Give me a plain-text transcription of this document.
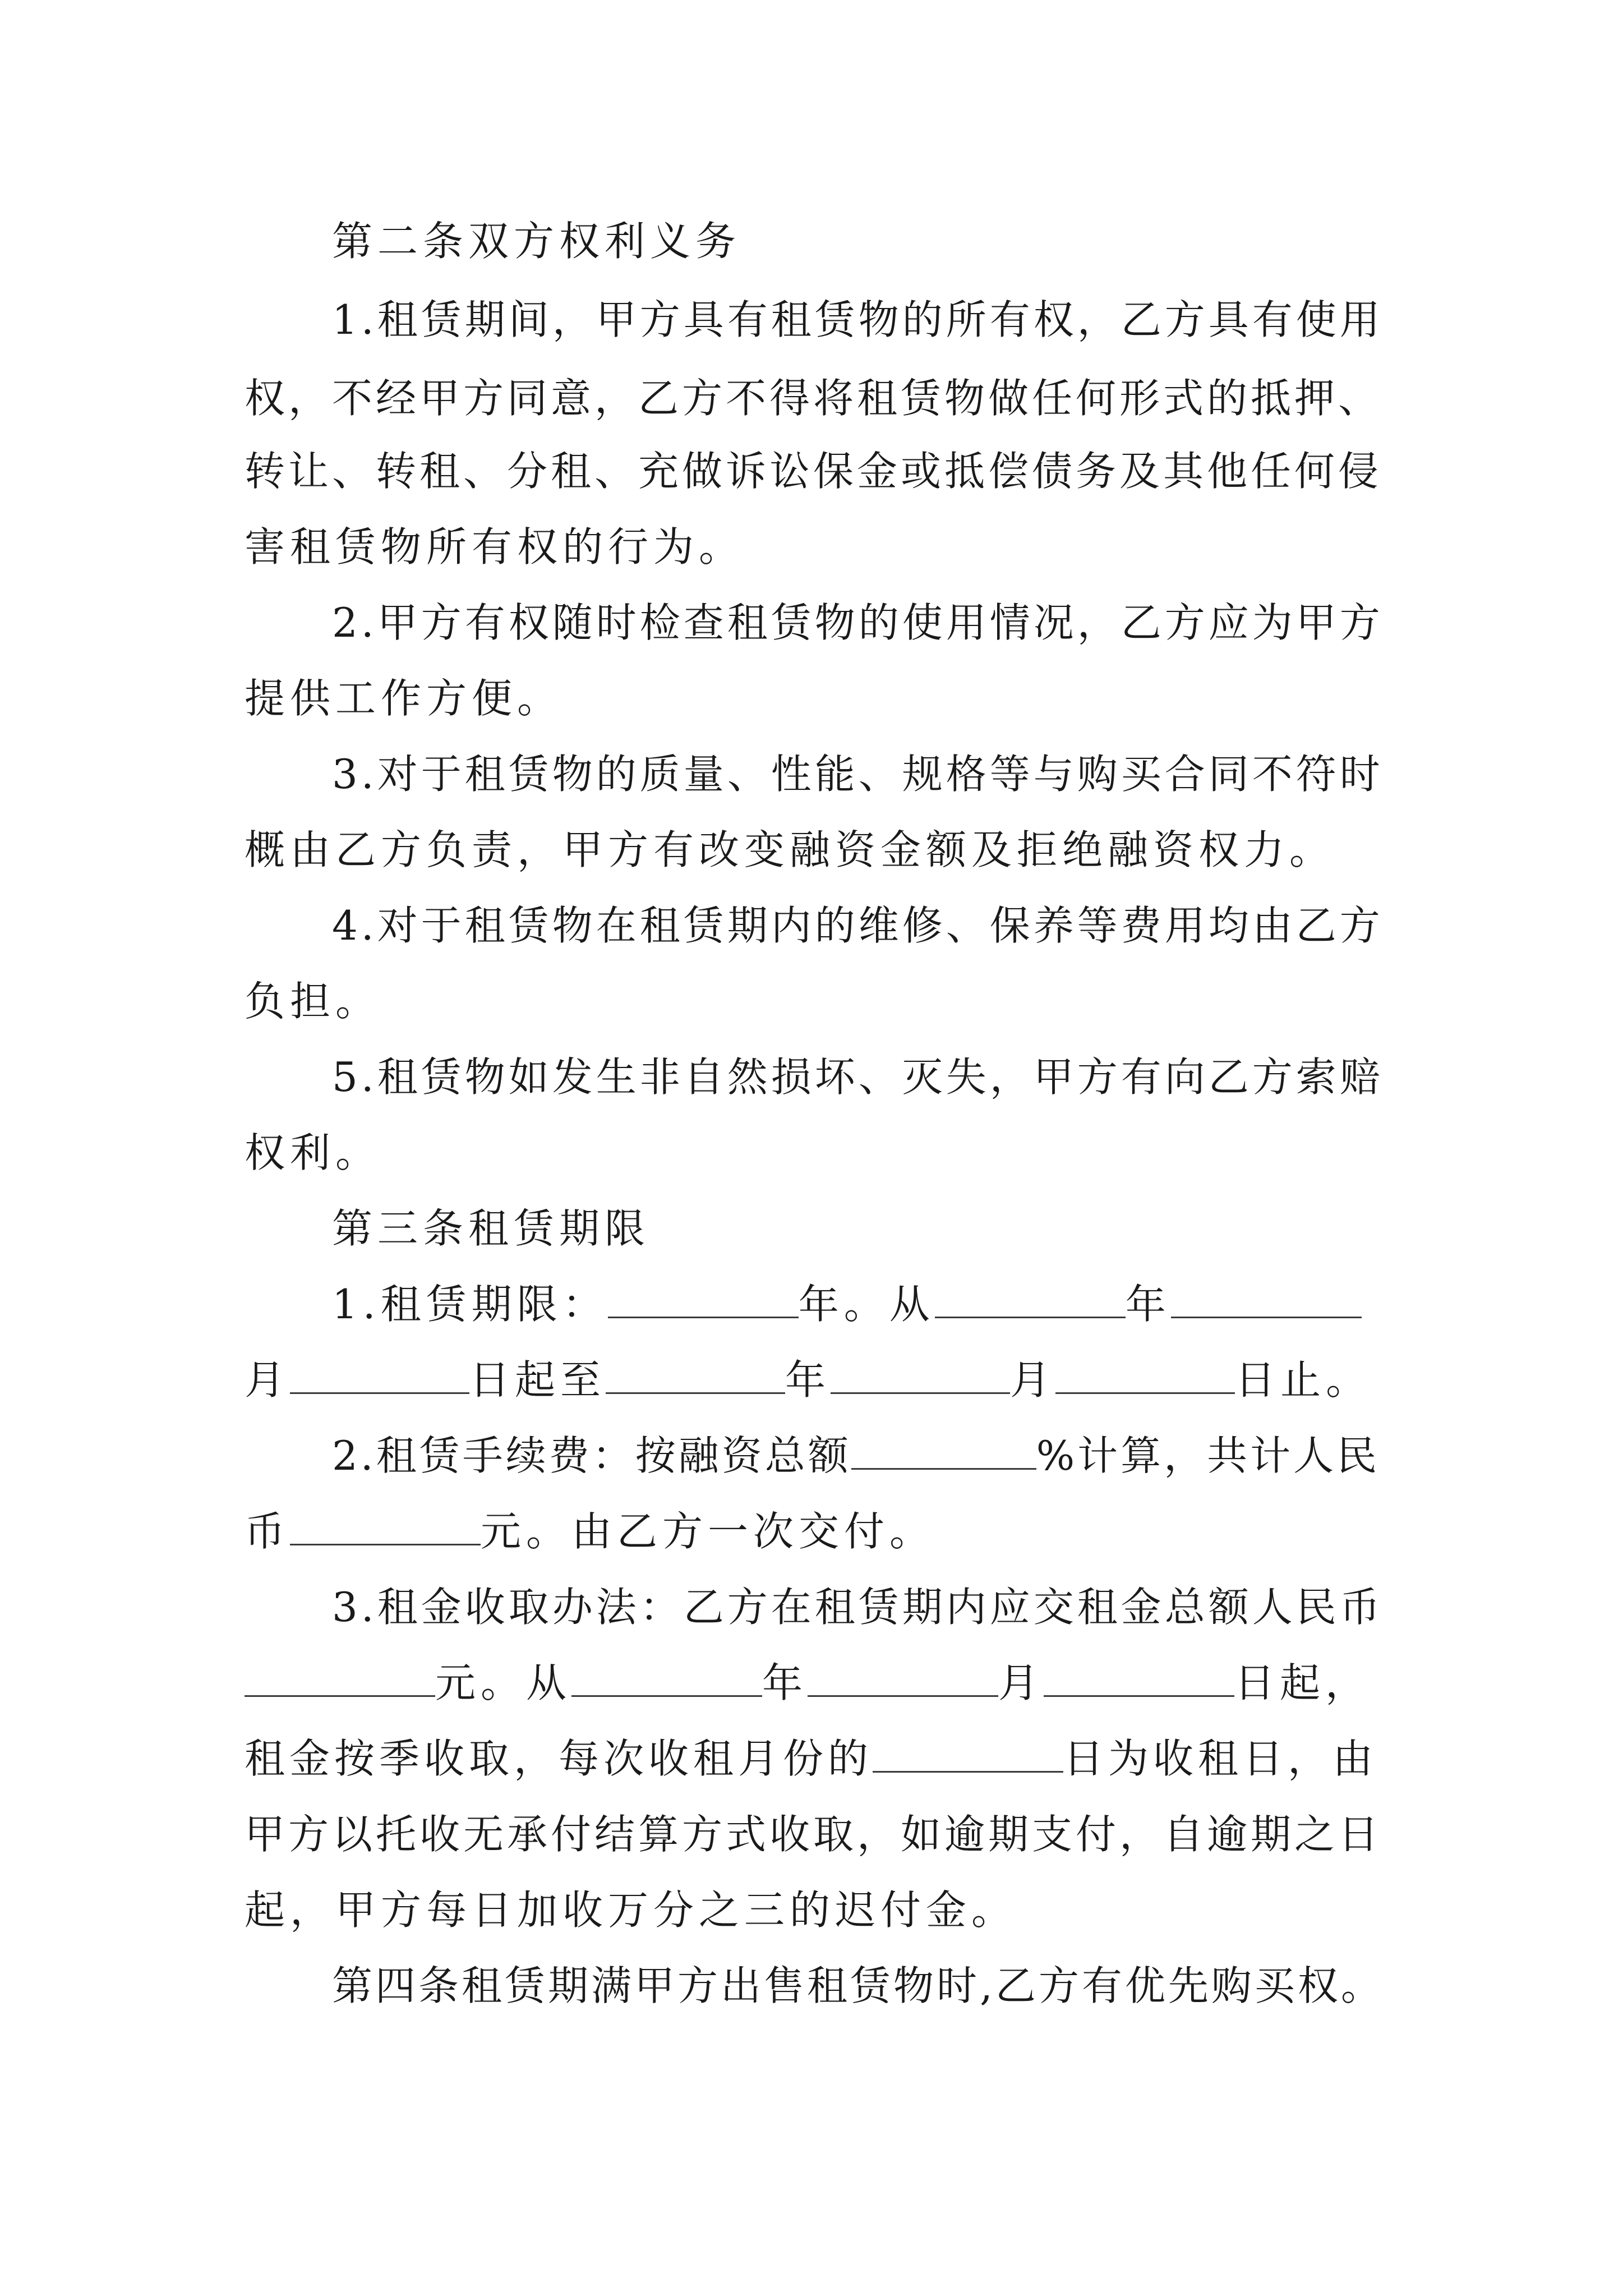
第二条双方权利义务
1.租赁期间，甲方具有租赁物的所有权，乙方具有使用
权，不经甲方同意，乙方不得将租赁物做任何形式的抵押、
转让、转租、分租、充做诉讼保金或抵偿债务及其他任何侵
害租赁物所有权的行为。
2.甲方有权随时检查租赁物的使用情况，乙方应为甲方
提供工作方便。
3.对于租赁物的质量、性能、规格等与购买合同不符时
概由乙方负责，甲方有改变融资金额及拒绝融资权力。
4.对于租赁物在租赁期内的维修、保养等费用均由乙方
负担。
5.租赁物如发生非自然损坏、灭失，甲方有向乙方索赔
权利。
第三条租赁期限
1.租赁期限：	年。从	年
月	日起至	年	月	日止。
2.租赁手续费：按融资总额	%计算，共计人民
币	元。由乙方一次交付。
3.租金收取办法：乙方在租赁期内应交租金总额人民币
元。从	年	月	日起，
租金按季收取，每次收租月份的	日为收租日，由
甲方以托收无承付结算方式收取，如逾期支付，自逾期之日
起，甲方每日加收万分之三的迟付金。
第四条租赁期满甲方出售租赁物时,乙方有优先购买权。
